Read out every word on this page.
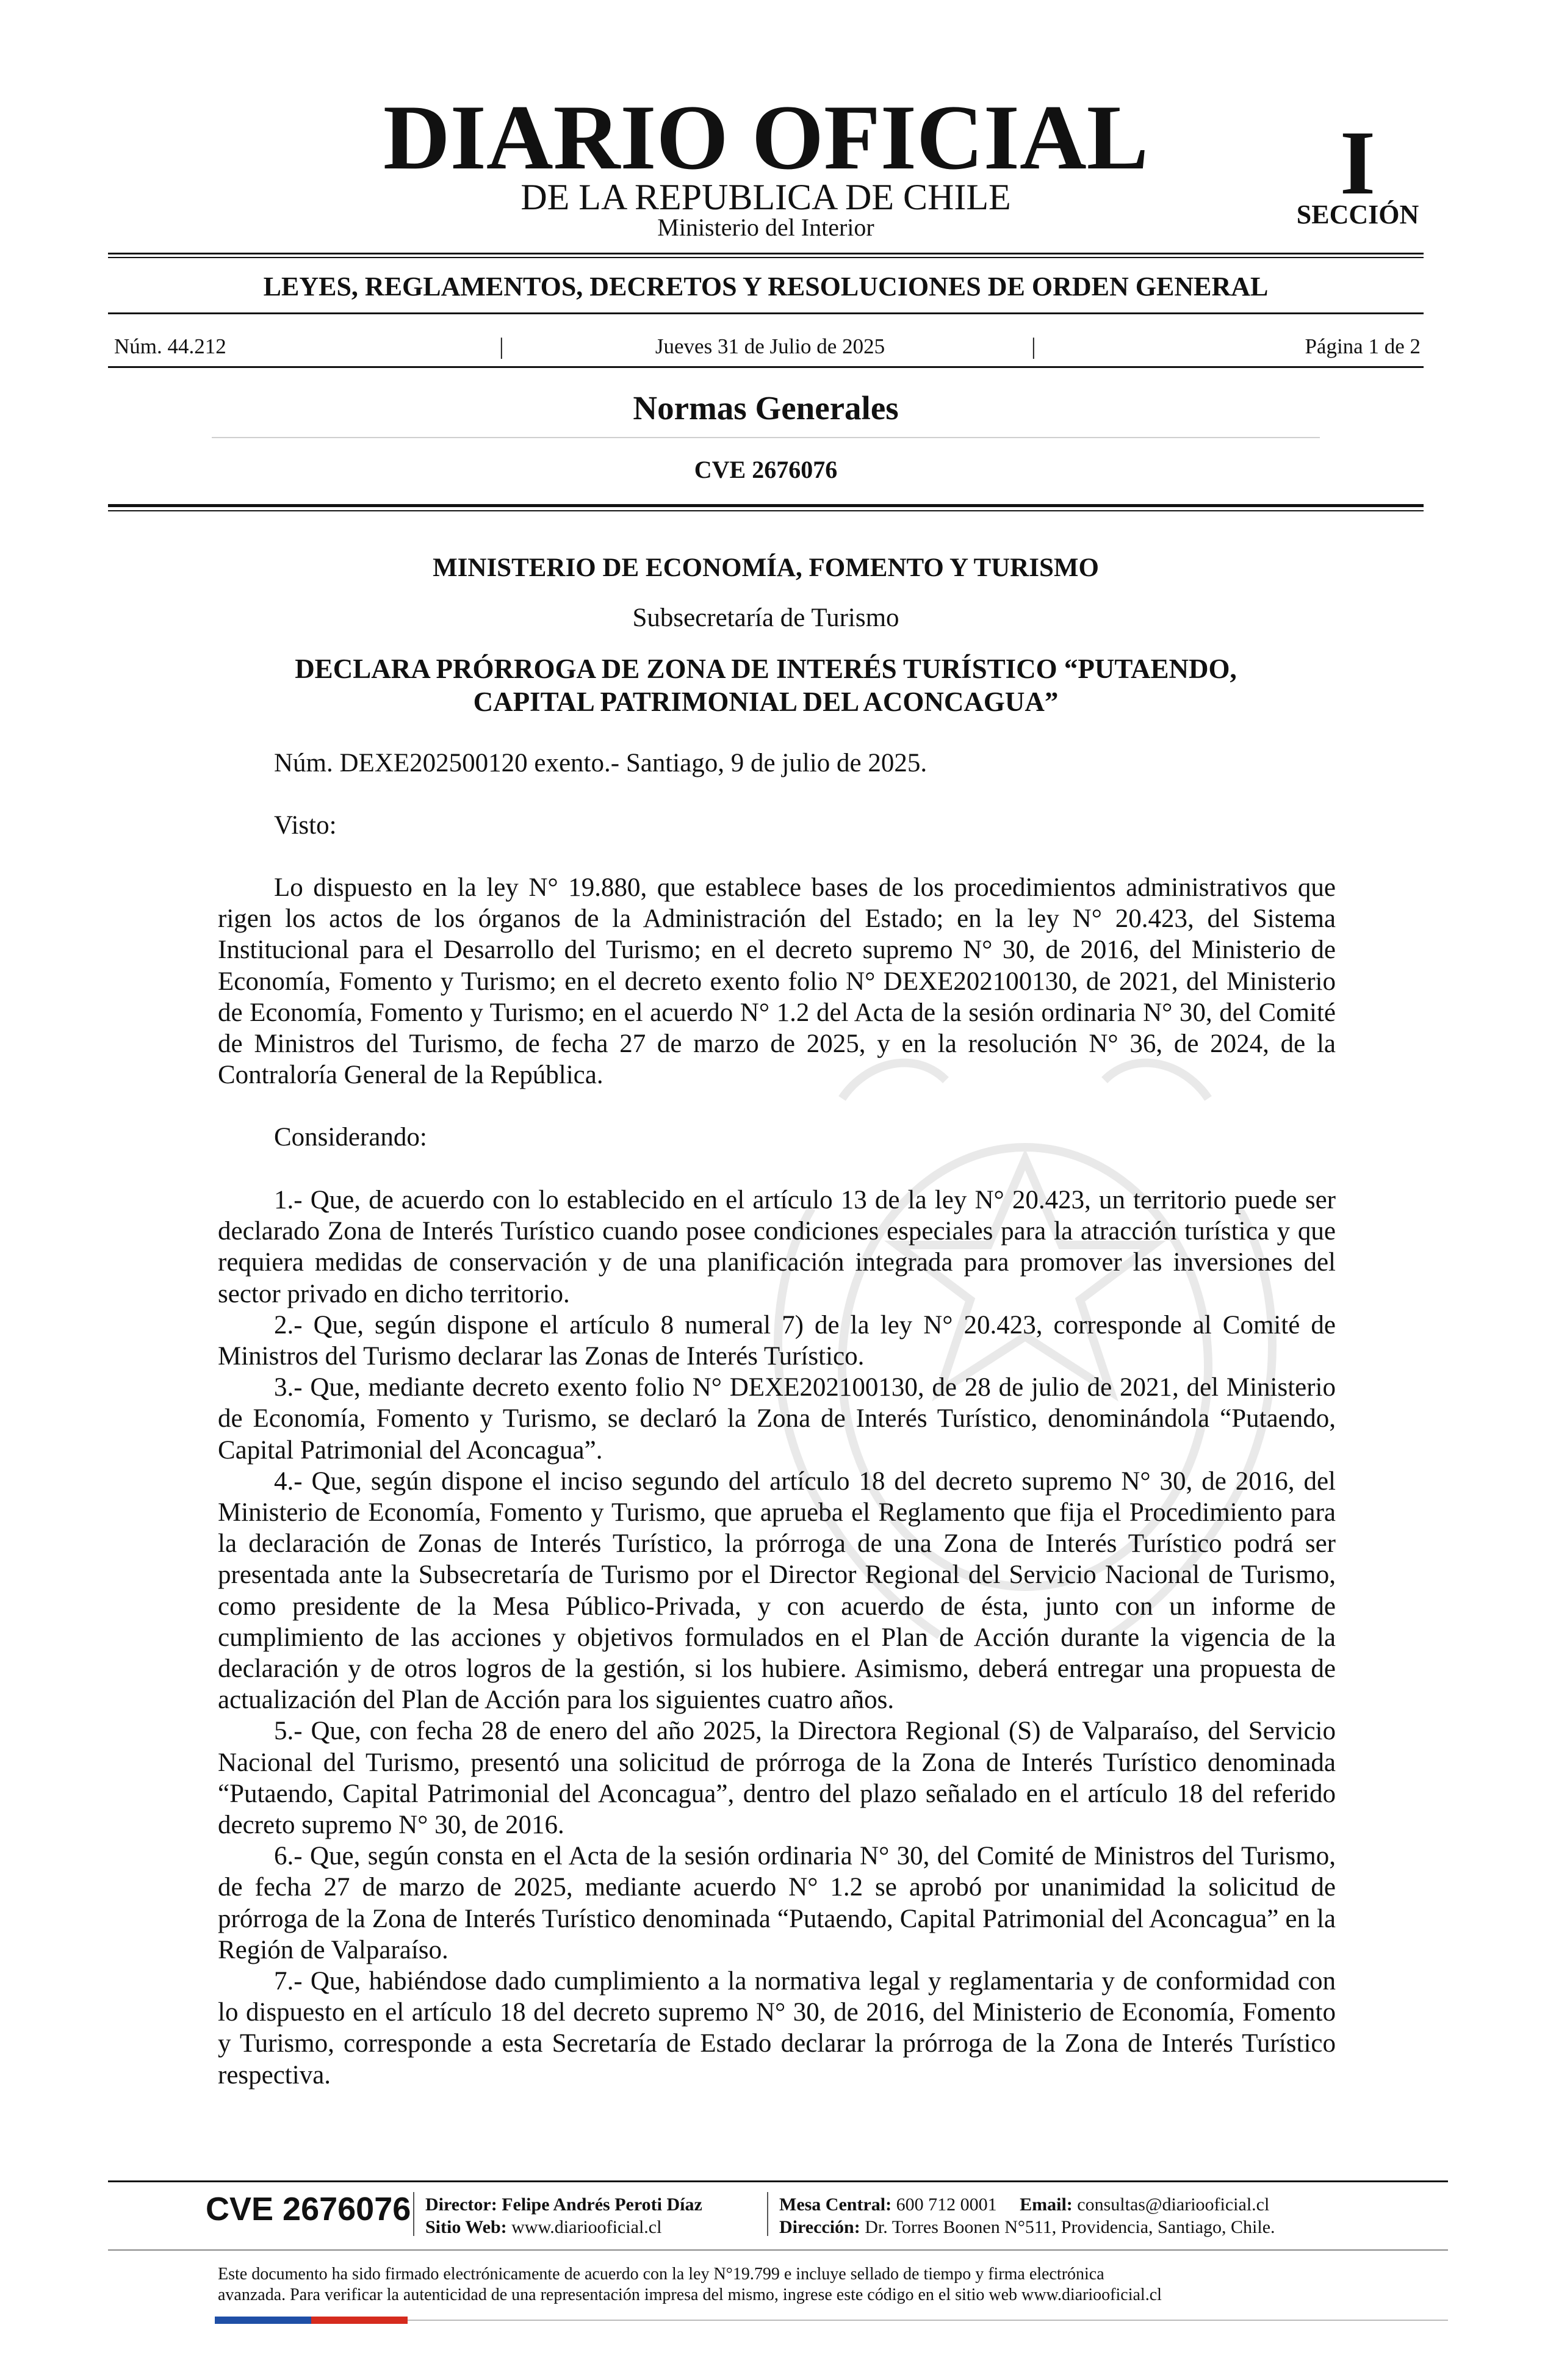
DIARIO OFICIAL
DE LA REPUBLICA DE CHILE
Ministerio del Interior
I
SECCIÓN
LEYES, REGLAMENTOS, DECRETOS Y RESOLUCIONES DE ORDEN GENERAL
Núm. 44.212	|	Jueves 31 de Julio de 2025	|	Página 1 de 2
Normas Generales
CVE 2676076
MINISTERIO DE ECONOMÍA, FOMENTO Y TURISMO
Subsecretaría de Turismo
DECLARA PRÓRROGA DE ZONA DE INTERÉS TURÍSTICO “PUTAENDO,
CAPITAL PATRIMONIAL DEL ACONCAGUA”

Núm. DEXE202500120 exento.- Santiago, 9 de julio de 2025.

Visto:

Lo dispuesto en la ley N° 19.880, que establece bases de los procedimientos administrativos que rigen los actos de los órganos de la Administración del Estado; en la ley N° 20.423, del Sistema Institucional para el Desarrollo del Turismo; en el decreto supremo N° 30, de 2016, del Ministerio de Economía, Fomento y Turismo; en el decreto exento folio N° DEXE202100130, de 2021, del Ministerio de Economía, Fomento y Turismo; en el acuerdo N° 1.2 del Acta de la sesión ordinaria N° 30, del Comité de Ministros del Turismo, de fecha 27 de marzo de 2025, y en la resolución N° 36, de 2024, de la Contraloría General de la República.

Considerando:

1.- Que, de acuerdo con lo establecido en el artículo 13 de la ley N° 20.423, un territorio puede ser declarado Zona de Interés Turístico cuando posee condiciones especiales para la atracción turística y que requiera medidas de conservación y de una planificación integrada para promover las inversiones del sector privado en dicho territorio.

2.- Que, según dispone el artículo 8 numeral 7) de la ley N° 20.423, corresponde al Comité de Ministros del Turismo declarar las Zonas de Interés Turístico.

3.- Que, mediante decreto exento folio N° DEXE202100130, de 28 de julio de 2021, del Ministerio de Economía, Fomento y Turismo, se declaró la Zona de Interés Turístico, denominándola “Putaendo, Capital Patrimonial del Aconcagua”.

4.- Que, según dispone el inciso segundo del artículo 18 del decreto supremo N° 30, de 2016, del Ministerio de Economía, Fomento y Turismo, que aprueba el Reglamento que fija el Procedimiento para la declaración de Zonas de Interés Turístico, la prórroga de una Zona de Interés Turístico podrá ser presentada ante la Subsecretaría de Turismo por el Director Regional del Servicio Nacional de Turismo, como presidente de la Mesa Público-Privada, y con acuerdo de ésta, junto con un informe de cumplimiento de las acciones y objetivos formulados en el Plan de Acción durante la vigencia de la declaración y de otros logros de la gestión, si los hubiere. Asimismo, deberá entregar una propuesta de actualización del Plan de Acción para los siguientes cuatro años.

5.- Que, con fecha 28 de enero del año 2025, la Directora Regional (S) de Valparaíso, del Servicio Nacional del Turismo, presentó una solicitud de prórroga de la Zona de Interés Turístico denominada “Putaendo, Capital Patrimonial del Aconcagua”, dentro del plazo señalado en el artículo 18 del referido decreto supremo N° 30, de 2016.

6.- Que, según consta en el Acta de la sesión ordinaria N° 30, del Comité de Ministros del Turismo, de fecha 27 de marzo de 2025, mediante acuerdo N° 1.2 se aprobó por unanimidad la solicitud de prórroga de la Zona de Interés Turístico denominada “Putaendo, Capital Patrimonial del Aconcagua” en la Región de Valparaíso.

7.- Que, habiéndose dado cumplimiento a la normativa legal y reglamentaria y de conformidad con lo dispuesto en el artículo 18 del decreto supremo N° 30, de 2016, del Ministerio de Economía, Fomento y Turismo, corresponde a esta Secretaría de Estado declarar la prórroga de la Zona de Interés Turístico respectiva.

CVE 2676076 Director: Felipe Andrés Peroti Díaz
Sitio Web: www.diariooficial.cl
Mesa Central: 600 712 0001 Email: consultas@diariooficial.cl
Dirección: Dr. Torres Boonen N°511, Providencia, Santiago, Chile.
Este documento ha sido firmado electrónicamente de acuerdo con la ley N°19.799 e incluye sellado de tiempo y firma electrónica
avanzada. Para verificar la autenticidad de una representación impresa del mismo, ingrese este código en el sitio web www.diariooficial.cl
